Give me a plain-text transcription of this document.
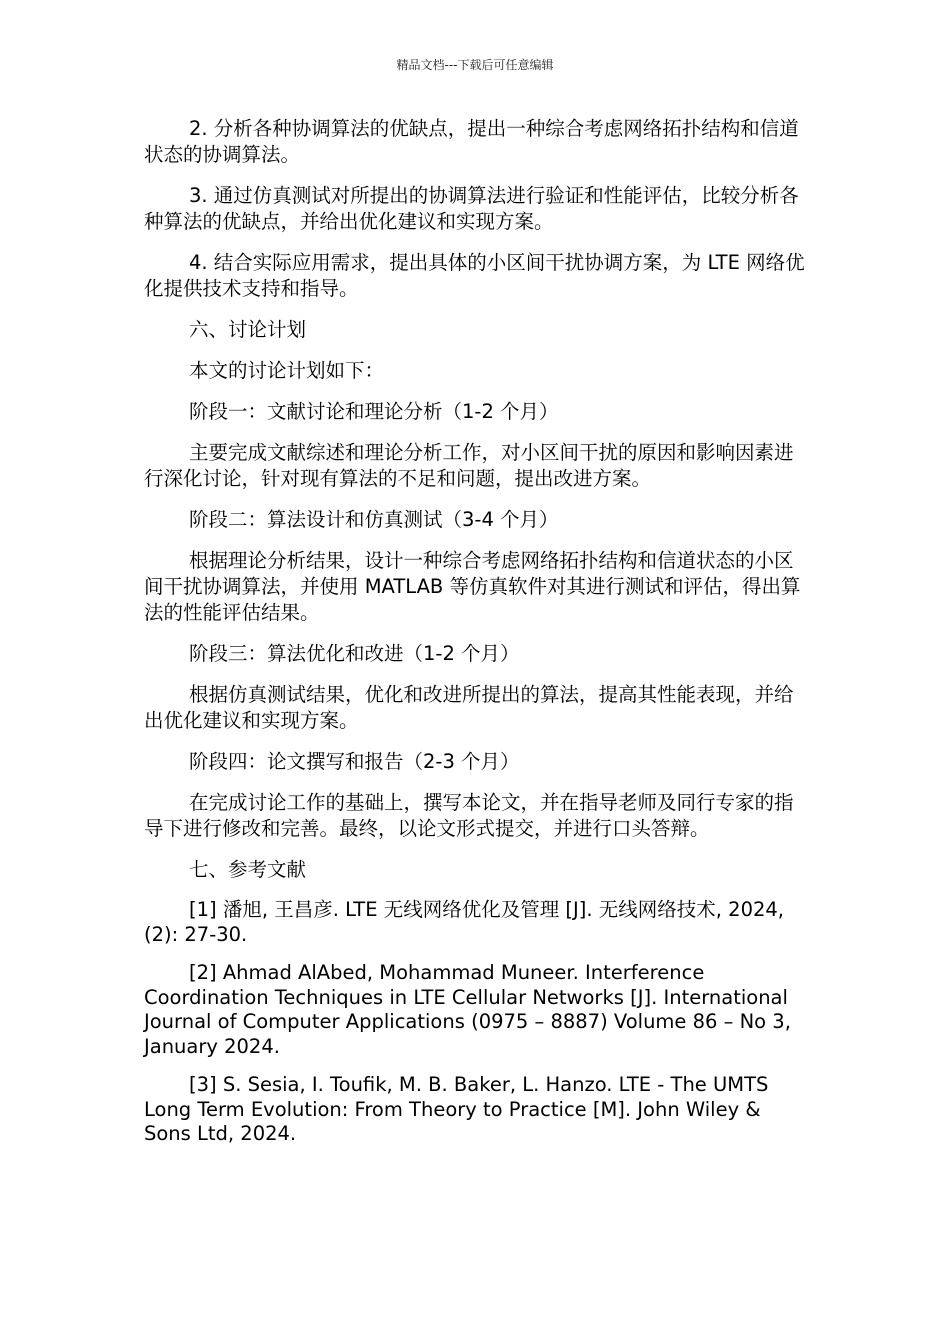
精品文档---下载后可任意编辑

2. 分析各种协调算法的优缺点，提出一种综合考虑网络拓扑结构和信道状态的协调算法。

3. 通过仿真测试对所提出的协调算法进行验证和性能评估，比较分析各种算法的优缺点，并给出优化建议和实现方案。

4. 结合实际应用需求，提出具体的小区间干扰协调方案，为 LTE 网络优化提供技术支持和指导。

六、讨论计划

本文的讨论计划如下：

阶段一：文献讨论和理论分析（1-2 个月）

主要完成文献综述和理论分析工作，对小区间干扰的原因和影响因素进行深化讨论，针对现有算法的不足和问题，提出改进方案。

阶段二：算法设计和仿真测试（3-4 个月）

根据理论分析结果，设计一种综合考虑网络拓扑结构和信道状态的小区间干扰协调算法，并使用 MATLAB 等仿真软件对其进行测试和评估，得出算法的性能评估结果。

阶段三：算法优化和改进（1-2 个月）

根据仿真测试结果，优化和改进所提出的算法，提高其性能表现，并给出优化建议和实现方案。

阶段四：论文撰写和报告（2-3 个月）

在完成讨论工作的基础上，撰写本论文，并在指导老师及同行专家的指导下进行修改和完善。最终，以论文形式提交，并进行口头答辩。

七、参考文献

[1] 潘旭, 王昌彦. LTE 无线网络优化及管理 [J]. 无线网络技术, 2024, (2): 27-30.

[2] Ahmad AlAbed, Mohammad Muneer. Interference Coordination Techniques in LTE Cellular Networks [J]. International Journal of Computer Applications (0975 – 8887) Volume 86 – No 3, January 2024.

[3] S. Sesia, I. Toufik, M. B. Baker, L. Hanzo. LTE - The UMTS Long Term Evolution: From Theory to Practice [M]. John Wiley & Sons Ltd, 2024.
